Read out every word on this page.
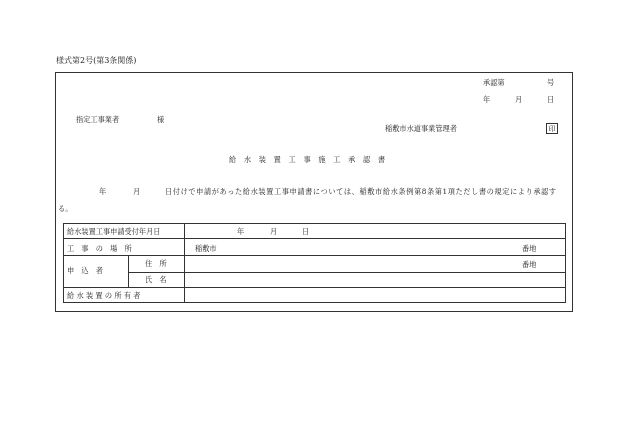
様式第2号(第3条関係)
承認第	号
年	月	日
指定工事業者	様
稲敷市水道事業管理者	印
給水装置工事施工承認書
年	月	日付けで申請があった給水装置工事申請書については、稲敷市給水条例第8条第1項ただし書の規定により承認す
る。
給水装置工事申請受付年月日	年	月	日
工　事　の　場　所	稲敷市	番地
申　込　者
住　所	番地
氏　名
給 水 装 置 の 所 有 者
